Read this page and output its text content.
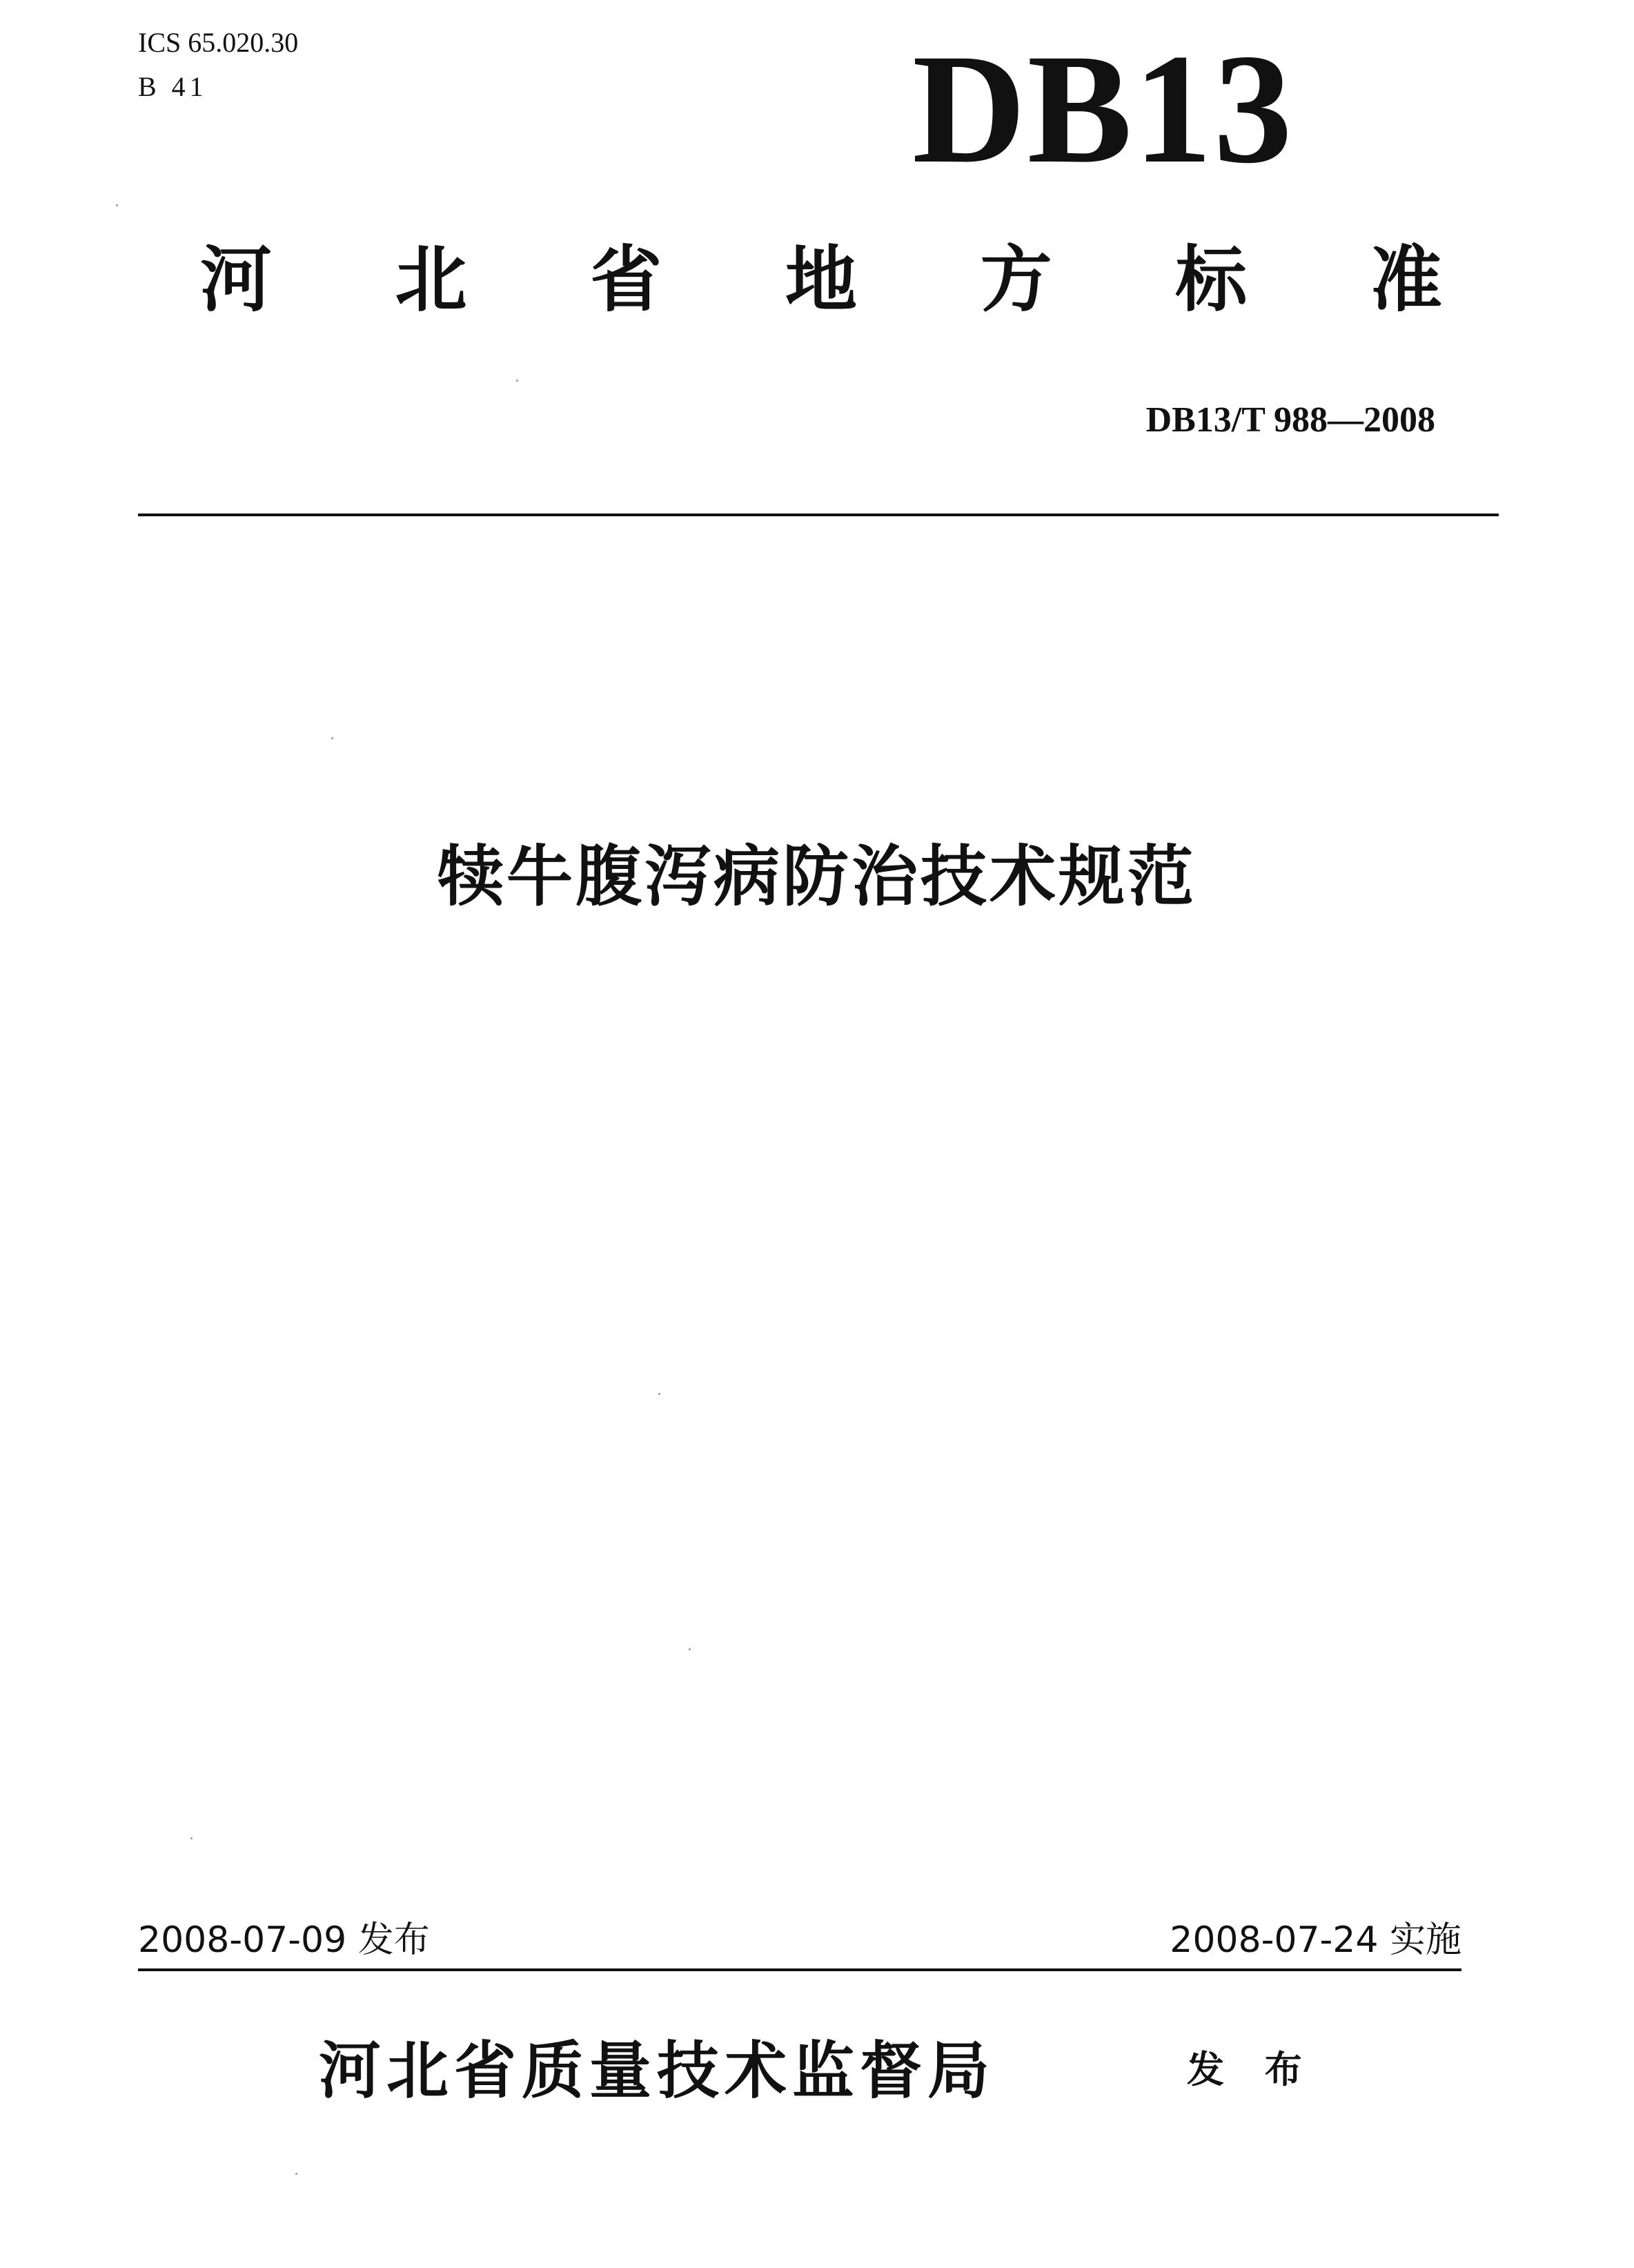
ICS 65.020.30
B 41	DB13
河 北 省 地 方 标 准
DB13/T 988—2008
犊牛腹泻病防治技术规范
2008-07-09 发布	2008-07-24 实施
河北省质量技术监督局	发 布
